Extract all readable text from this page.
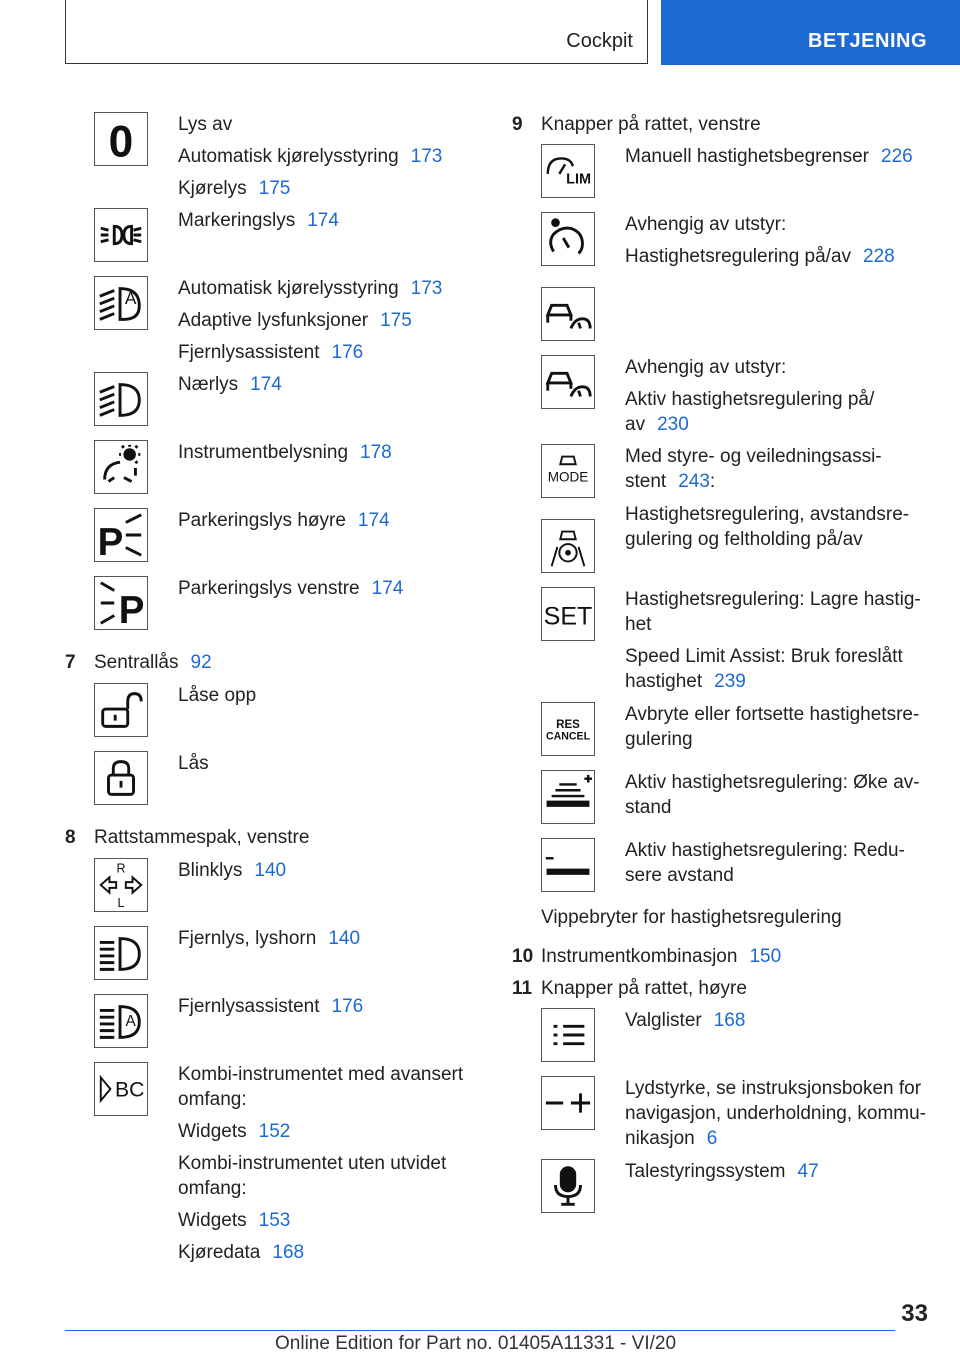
Cockpit	BETJENING
0 Lys av
Automatisk kjørelysstyring 173
Kjørelys 175
Markeringslys 174
A Automatisk kjørelysstyring 173
Adaptive lysfunksjoner 175
Fjernlysassistent 176
Nærlys 174
Instrumentbelysning 178
P
Parkeringslys høyre 174
P
Parkeringslys venstre 174
7 Sentrallås 92
Låse opp
Lås
8 Rattstammespak, venstre
R
L
Blinklys 140
Fjernlys, lyshorn 140
A
Fjernlysassistent 176
BC
Kombi-instrumentet med avansert
omfang:
Widgets 152
Kombi-instrumentet uten utvidet
omfang:
Widgets 153
Kjøredata 168
9 Knapper på rattet, venstre
LIM
Manuell hastighetsbegrenser 226
Avhengig av utstyr:
Hastighetsregulering på/av 228
Avhengig av utstyr:
Aktiv hastighetsregulering på/
av 230
MODE
Med styre- og veiledningsassi-
stent 243:
Hastighetsregulering, avstandsre-
gulering og feltholding på/av
SET
Hastighetsregulering: Lagre hastig-
het
Speed Limit Assist: Bruk foreslått
hastighet 239
RES
CANCEL
Avbryte eller fortsette hastighetsre-
gulering
Aktiv hastighetsregulering: Øke av-
stand
Aktiv hastighetsregulering: Redu-
sere avstand
Vippebryter for hastighetsregulering
10 Instrumentkombinasjon 150
11 Knapper på rattet, høyre
Valglister 168
Lydstyrke, se instruksjonsboken for
navigasjon, underholdning, kommu-
nikasjon 6
Talestyringssystem 47
33
Online Edition for Part no. 01405A11331 - VI/20
